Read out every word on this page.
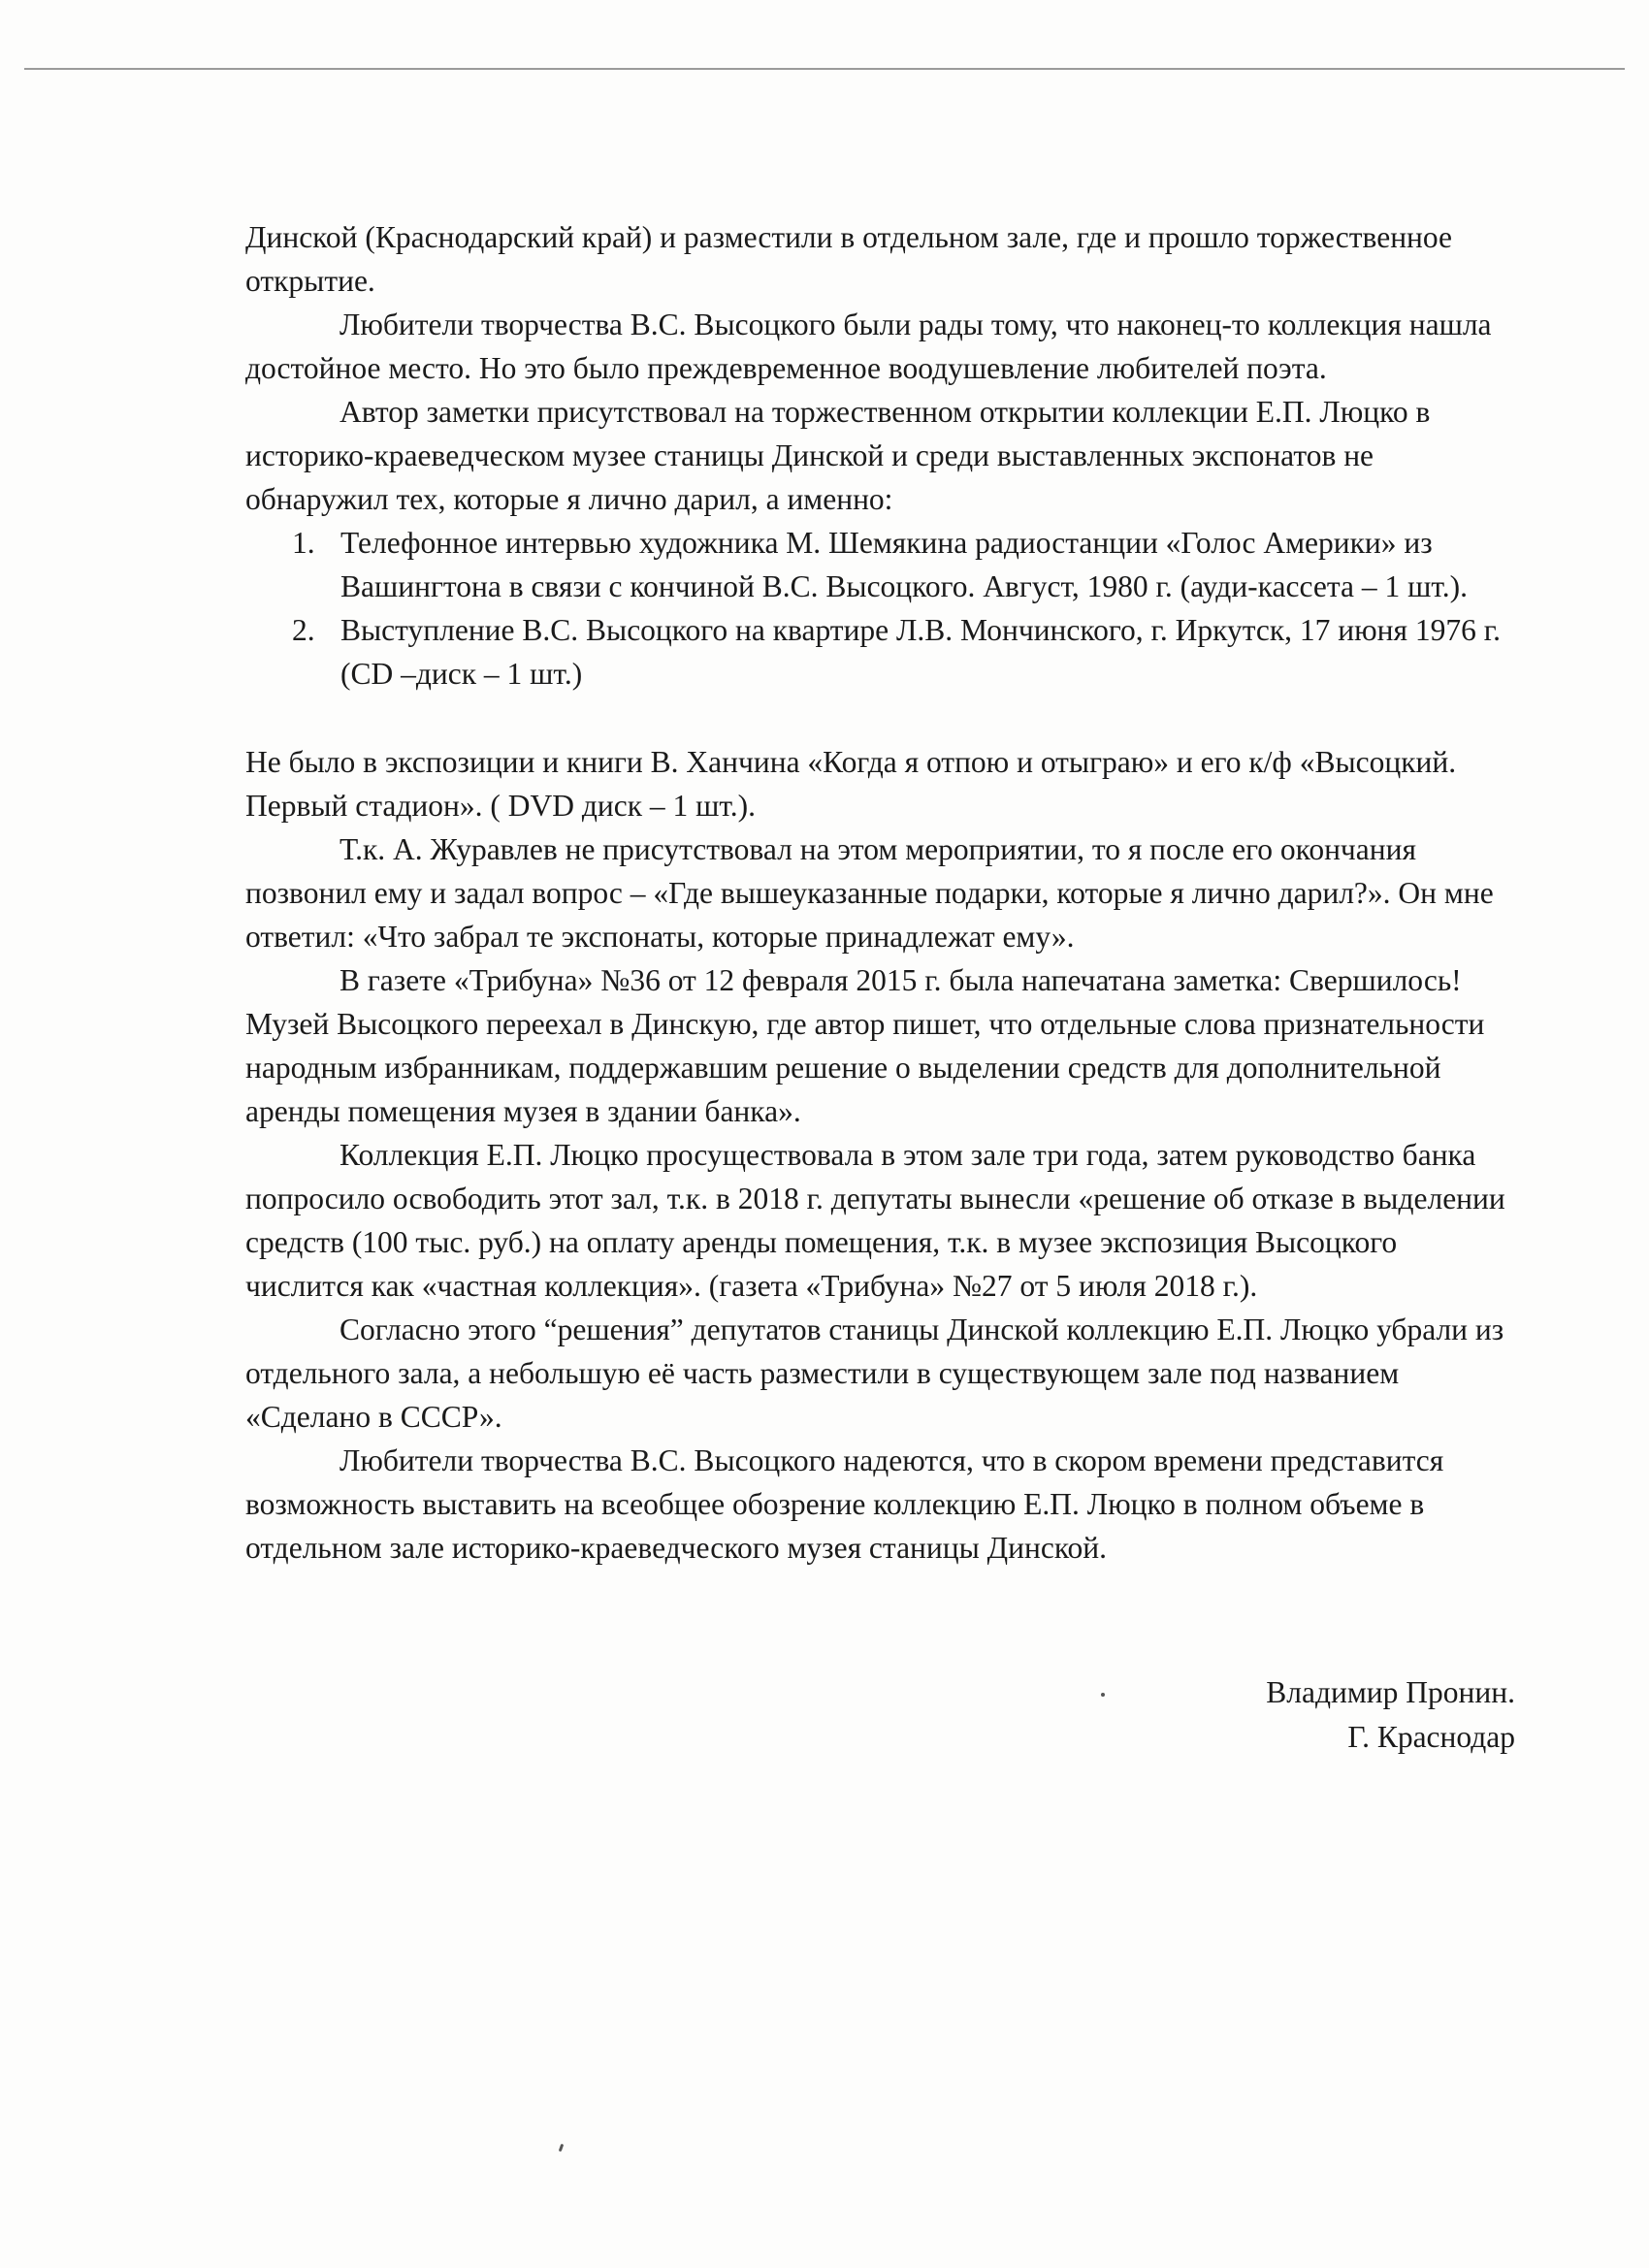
Динской (Краснодарский край) и разместили в отдельном зале, где и прошло торжественное открытие.

Любители творчества В.С. Высоцкого были рады тому, что наконец-то коллекция нашла достойное место. Но это было преждевременное воодушевление любителей поэта.

Автор заметки присутствовал на торжественном открытии коллекции Е.П. Люцко в историко-краеведческом музее станицы Динской и среди выставленных экспонатов не обнаружил тех, которые я лично дарил, а именно:

1. Телефонное интервью художника М. Шемякина радиостанции «Голос Америки» из Вашингтона в связи с кончиной В.С. Высоцкого. Август, 1980 г. (ауди-кассета – 1 шт.).
2. Выступление В.С. Высоцкого на квартире Л.В. Мончинского, г. Иркутск, 17 июня 1976 г. (CD –диск – 1 шт.)

Не было в экспозиции и книги В. Ханчина «Когда я отпою и отыграю» и его к/ф «Высоцкий. Первый стадион». ( DVD диск – 1 шт.).

Т.к. А. Журавлев не присутствовал на этом мероприятии, то я после его окончания позвонил ему и задал вопрос – «Где вышеуказанные подарки, которые я лично дарил?». Он мне ответил: «Что забрал те экспонаты, которые принадлежат ему».

В газете «Трибуна» №36 от 12 февраля 2015 г. была напечатана заметка: Свершилось! Музей Высоцкого переехал в Динскую, где автор пишет, что отдельные слова признательности народным избранникам, поддержавшим решение о выделении средств для дополнительной аренды помещения музея в здании банка».

Коллекция Е.П. Люцко просуществовала в этом зале три года, затем руководство банка попросило освободить этот зал, т.к. в 2018 г. депутаты вынесли «решение об отказе в выделении средств (100 тыс. руб.) на оплату аренды помещения, т.к. в музее экспозиция Высоцкого числится как «частная коллекция». (газета «Трибуна» №27 от 5 июля 2018 г.).

Согласно этого “решения” депутатов станицы Динской коллекцию Е.П. Люцко убрали из отдельного зала, а небольшую её часть разместили в существующем зале под названием «Сделано в СССР».

Любители творчества В.С. Высоцкого надеются, что в скором времени представится возможность выставить на всеобщее обозрение коллекцию Е.П. Люцко в полном объеме в отдельном зале историко-краеведческого музея станицы Динской.

Владимир Пронин.
Г. Краснодар
